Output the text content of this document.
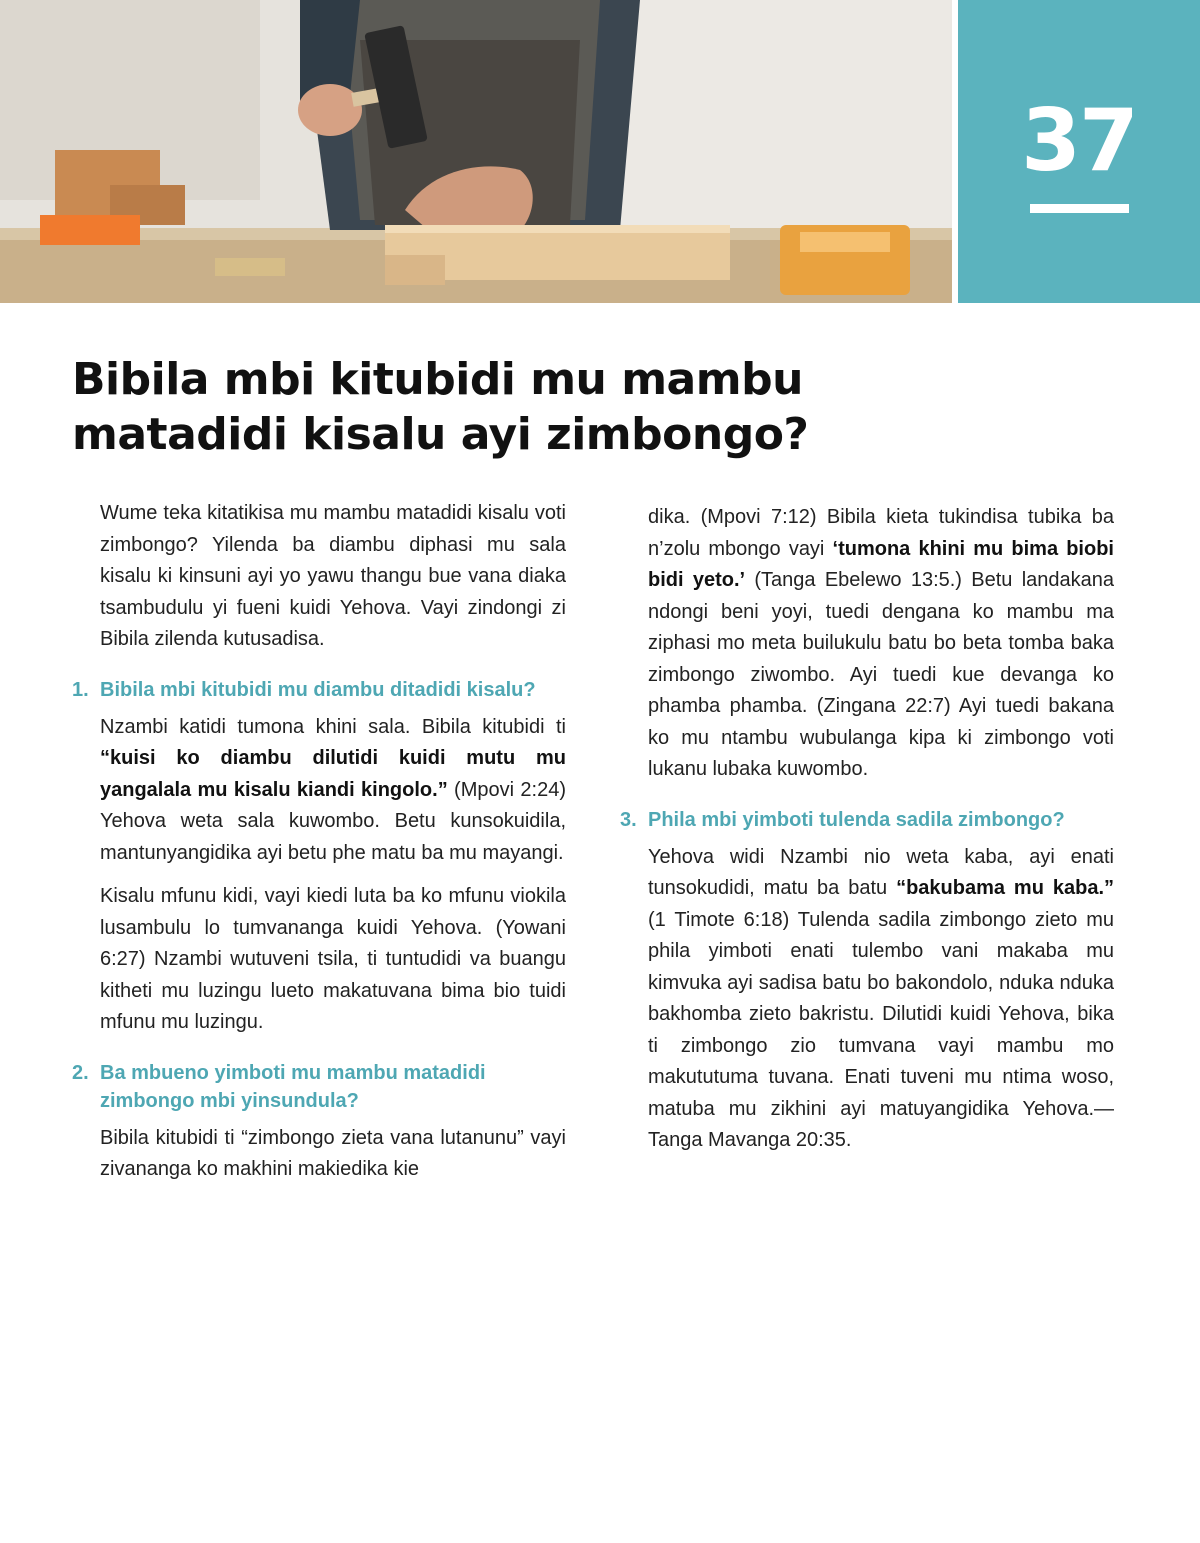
37
Bibila mbi kitubidi mu mambu matadidi kisalu ayi zimbongo?

Wume teka kitatikisa mu mambu matadidi kisalu voti zimbongo? Yilenda ba diambu diphasi mu sala kisalu ki kinsuni ayi yo yawu thangu bue vana diaka tsambudulu yi fueni kuidi Yehova. Vayi zindongi zi Bibila zilenda kutusadisa.

1. Bibila mbi kitubidi mu diambu ditadidi kisalu?

Nzambi katidi tumona khini sala. Bibila kitubidi ti “kuisi ko diambu dilutidi kuidi mutu mu yangalala mu kisalu kiandi kingolo.” (Mpovi 2:24) Yehova weta sala kuwombo. Betu kunsokuidila, mantunyangidika ayi betu phe matu ba mu mayangi.

Kisalu mfunu kidi, vayi kiedi luta ba ko mfunu viokila lusambulu lo tumvananga kuidi Yehova. (Yowani 6:27) Nzambi wutuveni tsila, ti tuntudidi va buangu kitheti mu luzingu lueto makatuvana bima bio tuidi mfunu mu luzingu.

2. Ba mbueno yimboti mu mambu matadidi zimbongo mbi yinsundula?

Bibila kitubidi ti “zimbongo zieta vana lutanunu” vayi zivananga ko makhini makiedika kie

dika. (Mpovi 7:12) Bibila kieta tukindisa tubika ba n’zolu mbongo vayi ‘tumona khini mu bima biobi bidi yeto.’ (Tanga Ebelewo 13:5.) Betu landakana ndongi beni yoyi, tuedi dengana ko mambu ma ziphasi mo meta builukulu batu bo beta tomba baka zimbongo ziwombo. Ayi tuedi kue devanga ko phamba phamba. (Zingana 22:7) Ayi tuedi bakana ko mu ntambu wubulanga kipa ki zimbongo voti lukanu lubaka kuwombo.

3. Phila mbi yimboti tulenda sadila zimbongo?

Yehova widi Nzambi nio weta kaba, ayi enati tunsokudidi, matu ba batu “bakubama mu kaba.” (1 Timote 6:18) Tulenda sadila zimbongo zieto mu phila yimboti enati tulembo vani makaba mu kimvuka ayi sadisa batu bo bakondolo, nduka nduka bakhomba zieto bakristu. Dilutidi kuidi Yehova, bika ti zimbongo zio tumvana vayi mambu mo makututuma tuvana. Enati tuveni mu ntima woso, matuba mu zikhini ayi matuyangidika Yehova.—Tanga Mavanga 20:35.
